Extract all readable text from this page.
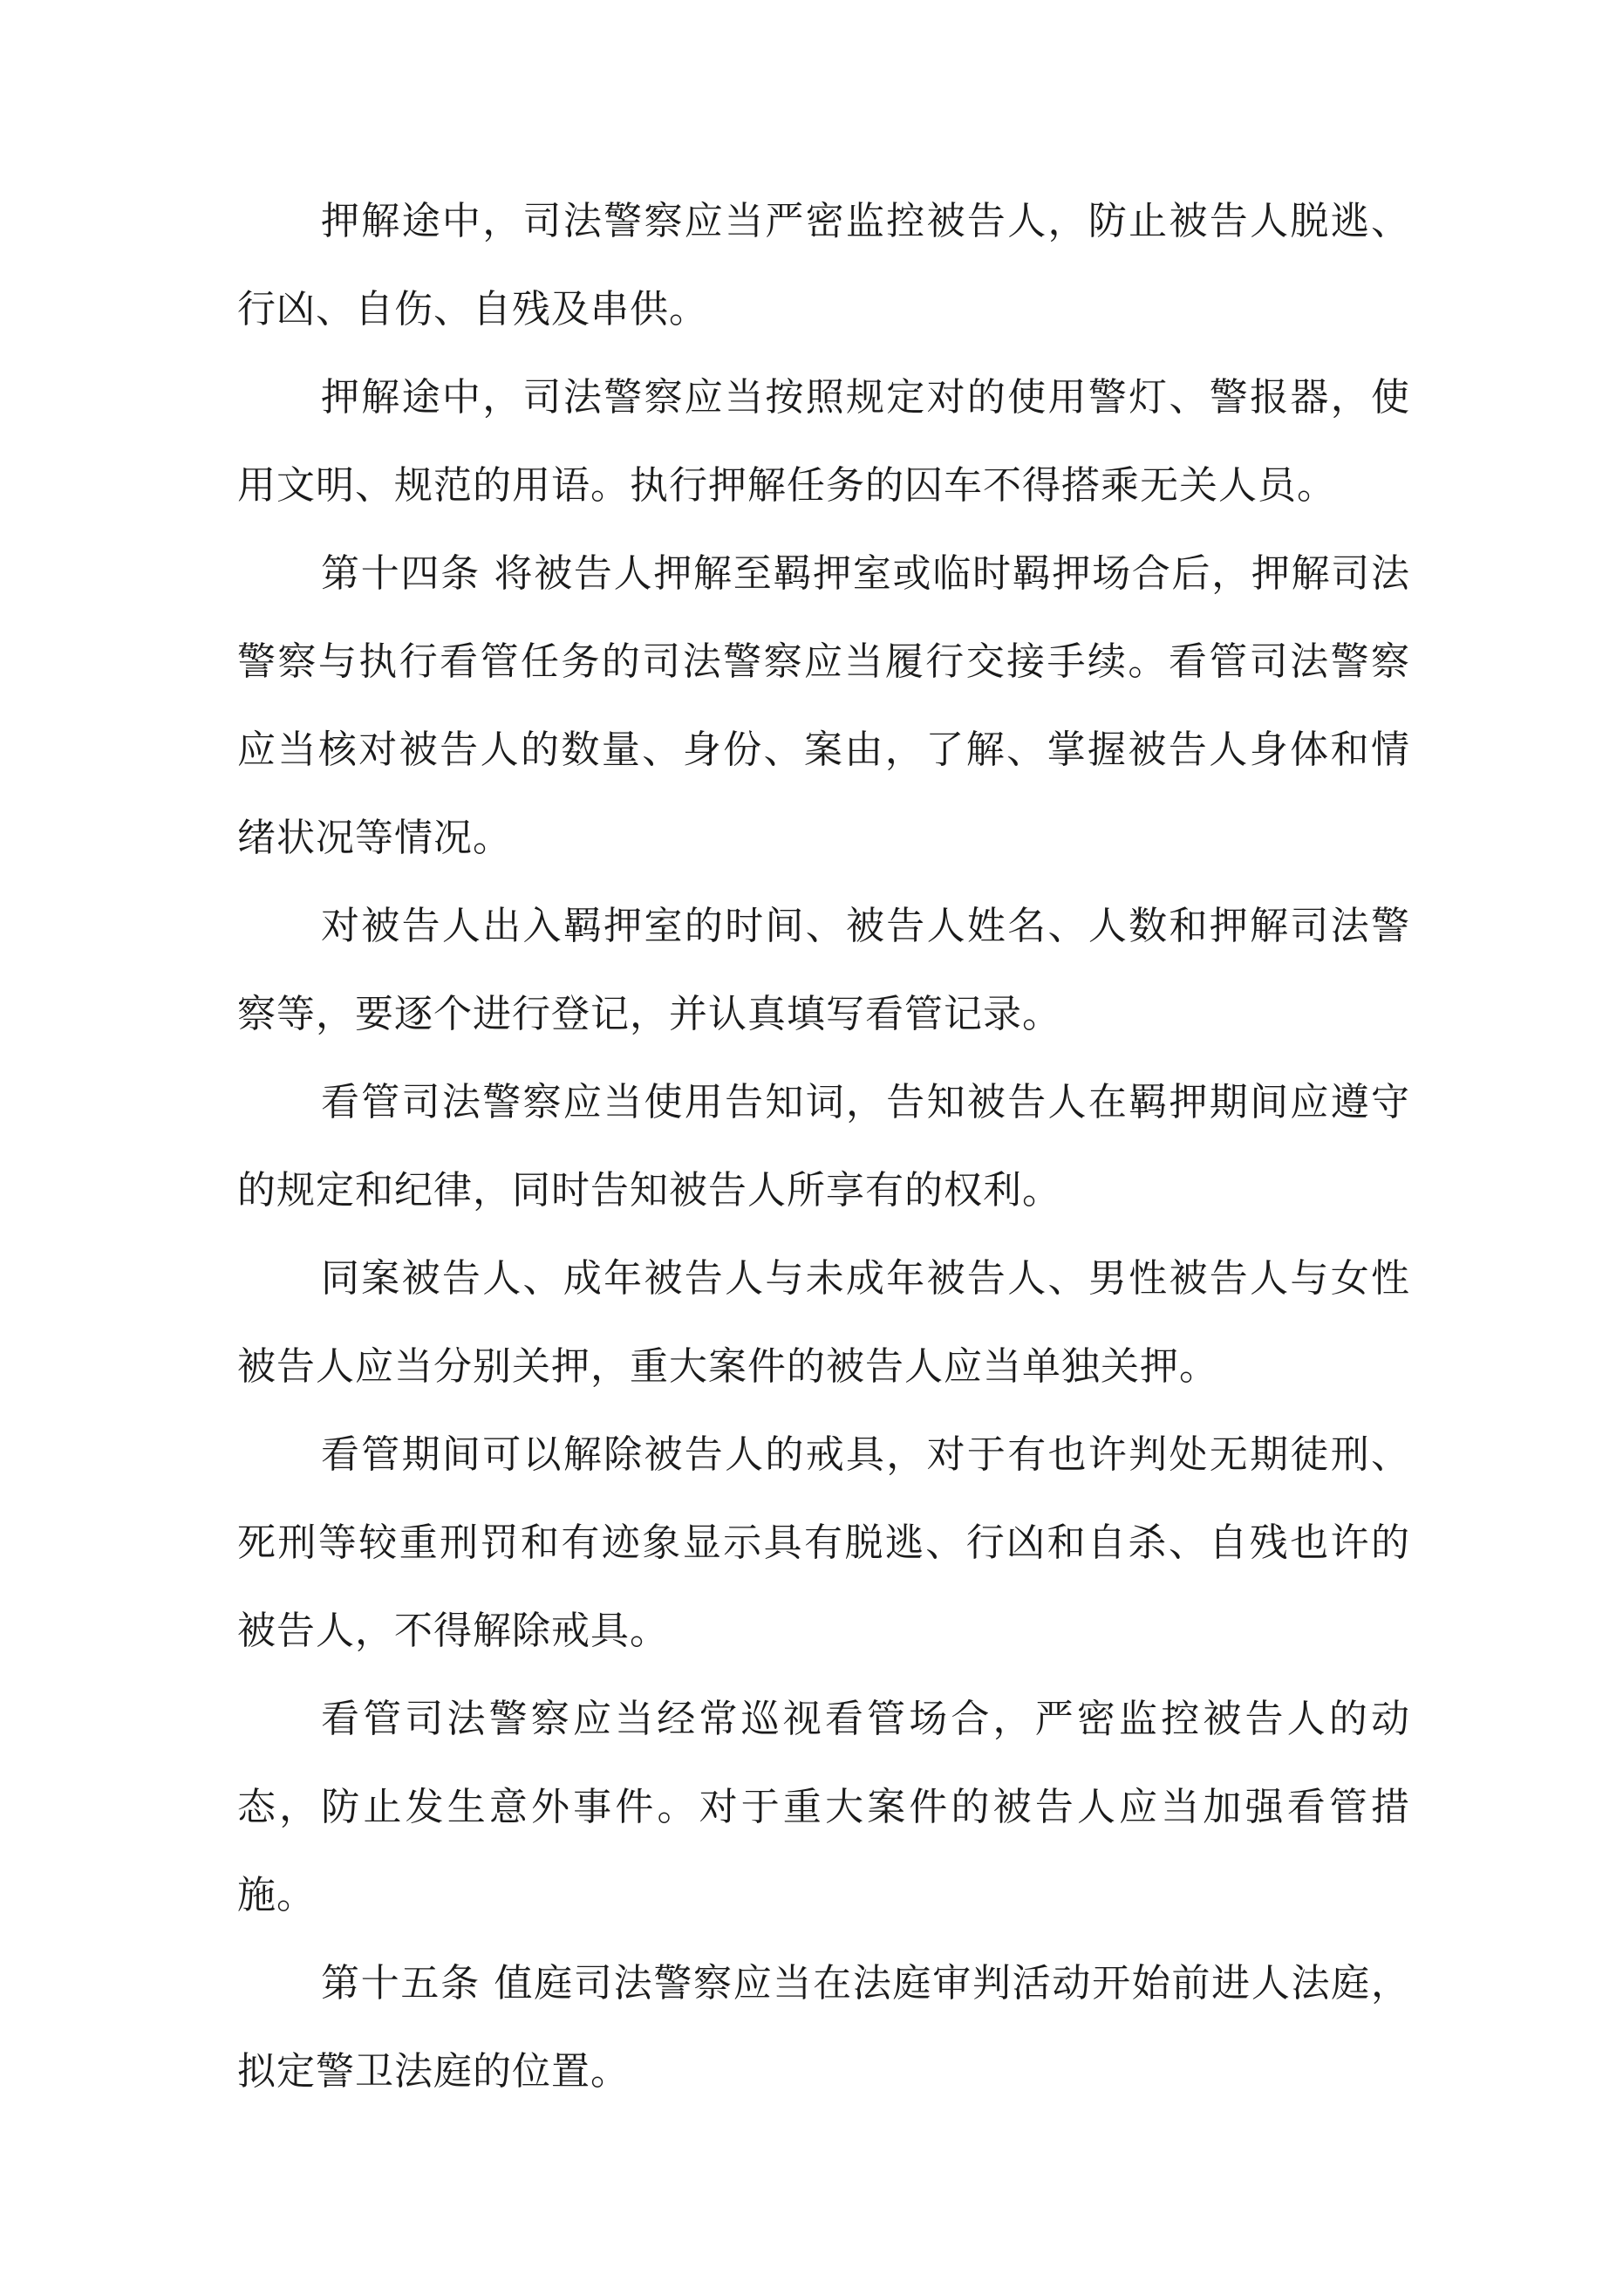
押解途中，司法警察应当严密监控被告人，防止被告人脱逃、行凶、自伤、自残及串供。

押解途中，司法警察应当按照规定对的使用警灯、警报器，使用文明、规范的用语。执行押解任务的囚车不得搭乘无关人员。

第十四条 将被告人押解至羁押室或临时羁押场合后，押解司法警察与执行看管任务的司法警察应当履行交接手续。看管司法警察应当核对被告人的数量、身份、案由，了解、掌握被告人身体和情绪状况等情况。

对被告人出入羁押室的时间、被告人姓名、人数和押解司法警察等，要逐个进行登记，并认真填写看管记录。

看管司法警察应当使用告知词，告知被告人在羁押期间应遵守的规定和纪律，同时告知被告人所享有的权利。

同案被告人、成年被告人与未成年被告人、男性被告人与女性被告人应当分别关押，重大案件的被告人应当单独关押。

看管期间可以解除被告人的戒具，对于有也许判处无期徒刑、死刑等较重刑罚和有迹象显示具有脱逃、行凶和自杀、自残也许的被告人，不得解除戒具。

看管司法警察应当经常巡视看管场合，严密监控被告人的动态，防止发生意外事件。对于重大案件的被告人应当加强看管措施。

第十五条 值庭司法警察应当在法庭审判活动开始前进人法庭，拟定警卫法庭的位置。
